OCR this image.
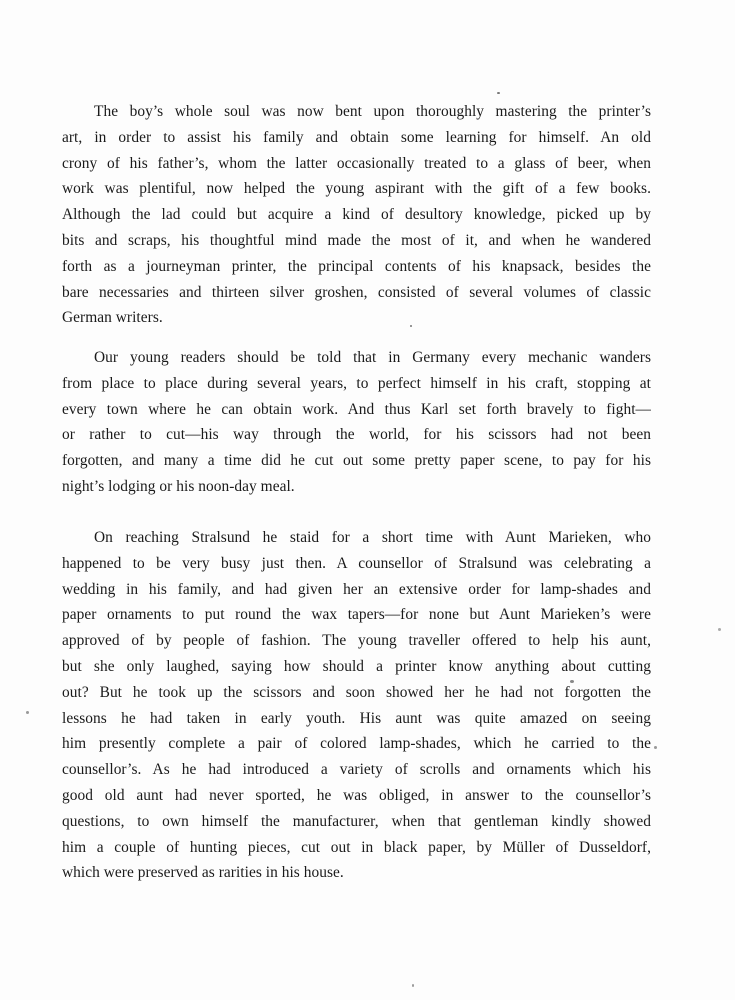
The boy’s whole soul was now bent upon thoroughly mastering the printer’s
art, in order to assist his family and obtain some learning for himself. An old
crony of his father’s, whom the latter occasionally treated to a glass of beer, when
work was plentiful, now helped the young aspirant with the gift of a few books.
Although the lad could but acquire a kind of desultory knowledge, picked up by
bits and scraps, his thoughtful mind made the most of it, and when he wandered
forth as a journeyman printer, the principal contents of his knapsack, besides the
bare necessaries and thirteen silver groshen, consisted of several volumes of classic
German writers.
Our young readers should be told that in Germany every mechanic wanders
from place to place during several years, to perfect himself in his craft, stopping at
every town where he can obtain work. And thus Karl set forth bravely to fight—
or rather to cut—his way through the world, for his scissors had not been
forgotten, and many a time did he cut out some pretty paper scene, to pay for his
night’s lodging or his noon-day meal.
On reaching Stralsund he staid for a short time with Aunt Marieken, who
happened to be very busy just then. A counsellor of Stralsund was celebrating a
wedding in his family, and had given her an extensive order for lamp-shades and
paper ornaments to put round the wax tapers—for none but Aunt Marieken’s were
approved of by people of fashion. The young traveller offered to help his aunt,
but she only laughed, saying how should a printer know anything about cutting
out? But he took up the scissors and soon showed her he had not forgotten the
lessons he had taken in early youth. His aunt was quite amazed on seeing
him presently complete a pair of colored lamp-shades, which he carried to the
counsellor’s. As he had introduced a variety of scrolls and ornaments which his
good old aunt had never sported, he was obliged, in answer to the counsellor’s
questions, to own himself the manufacturer, when that gentleman kindly showed
him a couple of hunting pieces, cut out in black paper, by Müller of Dusseldorf,
which were preserved as rarities in his house.
